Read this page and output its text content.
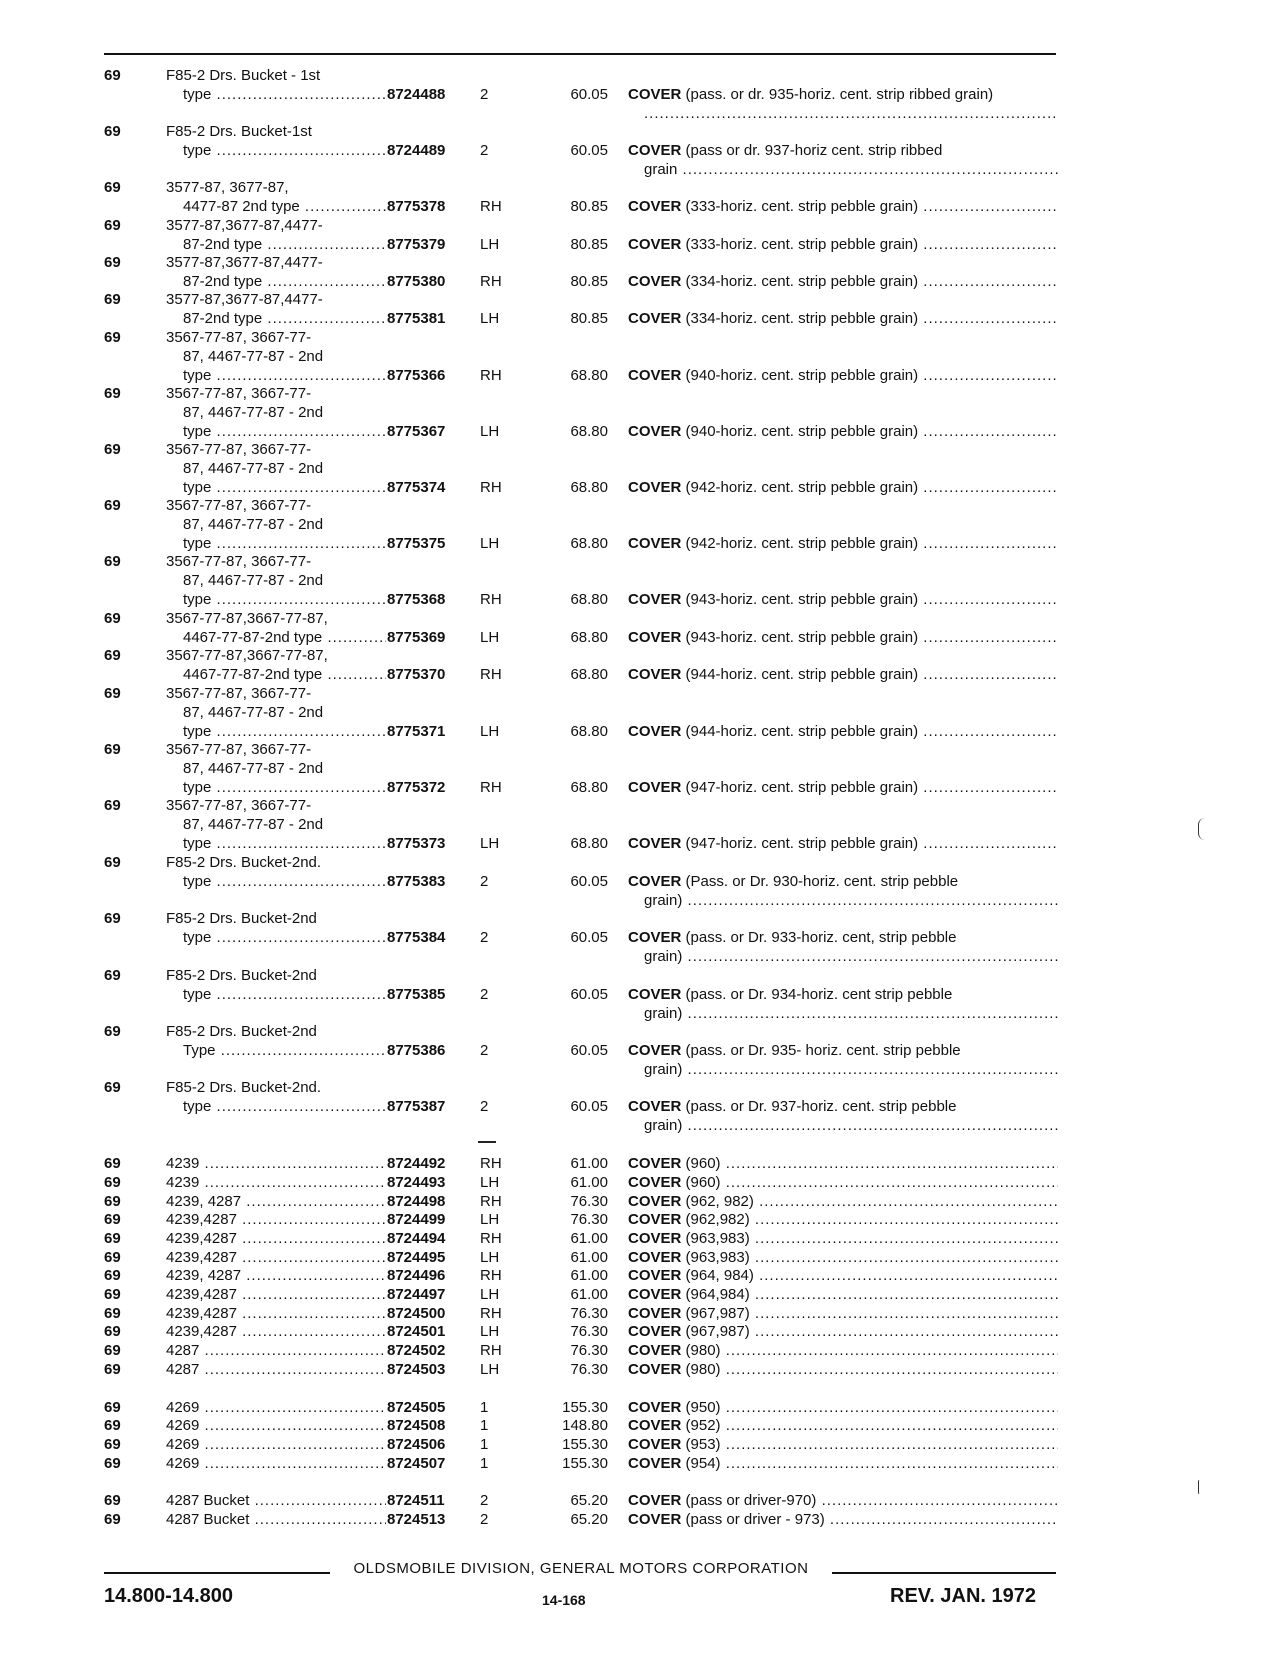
69	F85-2 Drs. Bucket - 1st
type .....	8724488	2	60.05 COVER (pass. or dr. 935-horiz. cent. strip ribbed grain)
.....
69	F85-2 Drs. Bucket-1st
type .....	8724489	2	60.05 COVER (pass or dr. 937-horiz cent. strip ribbed
grain .....
69	3577-87, 3677-87,
4477-87 2nd type .....	8775378	RH	80.85 COVER (333-horiz. cent. strip pebble grain) .....
69	3577-87,3677-87,4477-
87-2nd type .....	8775379	LH	80.85 COVER (333-horiz. cent. strip pebble grain) .....
69	3577-87,3677-87,4477-
87-2nd type .....	8775380	RH	80.85 COVER (334-horiz. cent. strip pebble grain) .....
69	3577-87,3677-87,4477-
87-2nd type .....	8775381	LH	80.85 COVER (334-horiz. cent. strip pebble grain) .....
69	3567-77-87, 3667-77-
87, 4467-77-87 - 2nd
type .....	8775366	RH	68.80 COVER (940-horiz. cent. strip pebble grain) .....
69	3567-77-87, 3667-77-
87, 4467-77-87 - 2nd
type .....	8775367	LH	68.80 COVER (940-horiz. cent. strip pebble grain) .....
69	3567-77-87, 3667-77-
87, 4467-77-87 - 2nd
type .....	8775374	RH	68.80 COVER (942-horiz. cent. strip pebble grain) .....
69	3567-77-87, 3667-77-
87, 4467-77-87 - 2nd
type .....	8775375	LH	68.80 COVER (942-horiz. cent. strip pebble grain) .....
69	3567-77-87, 3667-77-
87, 4467-77-87 - 2nd
type .....	8775368	RH	68.80 COVER (943-horiz. cent. strip pebble grain) .....
69	3567-77-87,3667-77-87,
4467-77-87-2nd type .....	8775369	LH	68.80 COVER (943-horiz. cent. strip pebble grain) .....
69	3567-77-87,3667-77-87,
4467-77-87-2nd type .....	8775370	RH	68.80 COVER (944-horiz. cent. strip pebble grain) .....
69	3567-77-87, 3667-77-
87, 4467-77-87 - 2nd
type .....	8775371	LH	68.80 COVER (944-horiz. cent. strip pebble grain) .....
69	3567-77-87, 3667-77-
87, 4467-77-87 - 2nd
type .....	8775372	RH	68.80 COVER (947-horiz. cent. strip pebble grain) .....
69	3567-77-87, 3667-77-
87, 4467-77-87 - 2nd
type .....	8775373	LH	68.80 COVER (947-horiz. cent. strip pebble grain) .....
69	F85-2 Drs. Bucket-2nd.
type .....	8775383	2	60.05 COVER (Pass. or Dr. 930-horiz. cent. strip pebble
grain) .....
69	F85-2 Drs. Bucket-2nd
type .....	8775384	2	60.05 COVER (pass. or Dr. 933-horiz. cent, strip pebble
grain) .....
69	F85-2 Drs. Bucket-2nd
type .....	8775385	2	60.05 COVER (pass. or Dr. 934-horiz. cent strip pebble
grain) .....
69	F85-2 Drs. Bucket-2nd
Type .....	8775386	2	60.05 COVER (pass. or Dr. 935- horiz. cent. strip pebble
grain) .....
69	F85-2 Drs. Bucket-2nd.
type .....	8775387	2	60.05 COVER (pass. or Dr. 937-horiz. cent. strip pebble
grain) .....
69	4239 .....	8724492	RH	61.00 COVER (960) .....
69	4239 .....	8724493	LH	61.00 COVER (960) .....
69	4239, 4287 .....	8724498	RH	76.30 COVER (962, 982) .....
69	4239,4287 .....	8724499	LH	76.30 COVER (962,982) .....
69	4239,4287 .....	8724494	RH	61.00 COVER (963,983) .....
69	4239,4287 .....	8724495	LH	61.00 COVER (963,983) .....
69	4239, 4287 .....	8724496	RH	61.00 COVER (964, 984) .....
69	4239,4287 .....	8724497	LH	61.00 COVER (964,984) .....
69	4239,4287 .....	8724500	RH	76.30 COVER (967,987) .....
69	4239,4287 .....	8724501	LH	76.30 COVER (967,987) .....
69	4287 .....	8724502	RH	76.30 COVER (980) .....
69	4287 .....	8724503	LH	76.30 COVER (980) .....
69	4269 .....	8724505	1	155.30 COVER (950) .....
69	4269 .....	8724508	1	148.80 COVER (952) .....
69	4269 .....	8724506	1	155.30 COVER (953) .....
69	4269 .....	8724507	1	155.30 COVER (954) .....
69	4287 Bucket .....	8724511	2	65.20 COVER (pass or driver-970) .....
69	4287 Bucket .....	8724513	2	65.20 COVER (pass or driver - 973) .....
OLDSMOBILE DIVISION, GENERAL MOTORS CORPORATION
14.800-14.800	14-168	REV. JAN. 1972
